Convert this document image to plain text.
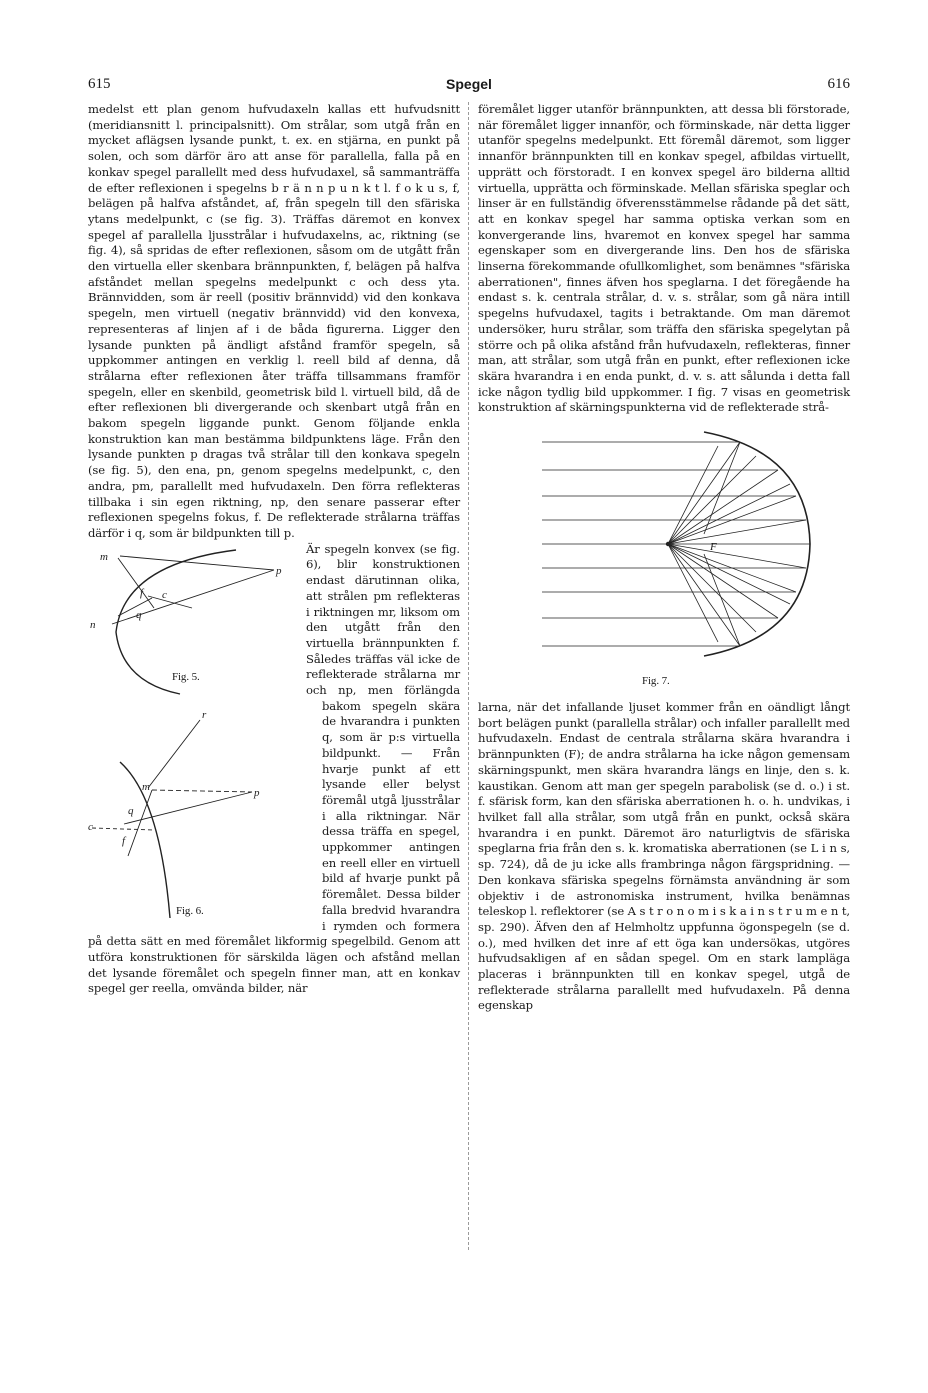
615	Spegel	616

medelst ett plan genom hufvudaxeln kallas ett hufvudsnitt (meridiansnitt l. principalsnitt). Om strålar, som utgå från en mycket aflägsen lysande punkt, t. ex. en stjärna, en punkt på solen, och som därför äro att anse för parallella, falla på en konkav spegel parallellt med dess hufvudaxel, så sammanträffa de efter reflexionen i spegelns b r ä n n p u n k t l. f o k u s, f, belägen på halfva afståndet, af, från spegeln till den sfäriska ytans medelpunkt, c (se fig. 3). Träffas däremot en konvex spegel af parallella ljusstrålar i hufvudaxelns, ac, riktning (se fig. 4), så spridas de efter reflexionen, såsom om de utgått från den virtuella eller skenbara brännpunkten, f, belägen på halfva afståndet mellan spegelns medelpunkt c och dess yta. Brännvidden, som är reell (positiv brännvidd) vid den konkava spegeln, men virtuell (negativ brännvidd) vid den konvexa, representeras af linjen af i de båda figurerna. Ligger den lysande punkten på ändligt afstånd framför spegeln, så uppkommer antingen en verklig l. reell bild af denna, då strålarna efter reflexionen åter träffa tillsammans framför spegeln, eller en skenbild, geometrisk bild l. virtuell bild, då de efter reflexionen bli divergerande och skenbart utgå från en bakom spegeln liggande punkt. Genom följande enkla konstruktion kan man bestämma bildpunktens läge. Från den lysande punkten p dragas två strålar till den konkava spegeln (se fig. 5), den ena, pn, genom spegelns medelpunkt, c, den andra, pm, parallellt med hufvudaxeln. Den förra reflekteras tillbaka i sin egen riktning, np, den senare passerar efter reflexionen spegelns fokus, f. De reflekterade strålarna träffas därför i q, som är bildpunkten till p.

m
p
f c
q
n
Fig. 5.
r
m	p
q
c
f
Fig. 6.

Är spegeln konvex (se fig. 6), blir konstruktionen endast därutinnan olika, att strålen pm reflekteras i riktningen mr, liksom om den utgått från den virtuella brännpunkten f. Således träffas väl icke de reflekterade strålarna mr och np, men förlängda bakom spegeln skära de hvarandra i punkten q, som är p:s virtuella bildpunkt. — Från hvarje punkt af ett lysande eller belyst föremål utgå ljusstrålar i alla riktningar. När dessa träffa en spegel, uppkommer antingen en reell eller en virtuell bild af hvarje punkt på föremålet. Dessa bilder falla bredvid hvarandra i rymden och formera på detta sätt en med föremålet likformig spegelbild. Genom att utföra konstruktionen för särskilda lägen och afstånd mellan det lysande föremålet och spegeln finner man, att en konkav spegel ger reella, omvända bilder, när

föremålet ligger utanför brännpunkten, att dessa bli förstorade, när föremålet ligger innanför, och förminskade, när detta ligger utanför spegelns medelpunkt. Ett föremål däremot, som ligger innanför brännpunkten till en konkav spegel, afbildas virtuellt, upprätt och förstoradt. I en konvex spegel äro bilderna alltid virtuella, upprätta och förminskade. Mellan sfäriska speglar och linser är en fullständig öfverensstämmelse rådande på det sätt, att en konkav spegel har samma optiska verkan som en konvergerande lins, hvaremot en konvex spegel har samma egenskaper som en divergerande lins. Den hos de sfäriska linserna förekommande ofullkomlighet, som benämnes "sfäriska aberrationen", finnes äfven hos speglarna. I det föregående ha endast s. k. centrala strålar, d. v. s. strålar, som gå nära intill spegelns hufvudaxel, tagits i betraktande. Om man däremot undersöker, huru strålar, som träffa den sfäriska spegelytan på större och på olika afstånd från hufvudaxeln, reflekteras, finner man, att strålar, som utgå från en punkt, efter reflexionen icke skära hvarandra i en enda punkt, d. v. s. att sålunda i detta fall icke någon tydlig bild uppkommer. I fig. 7 visas en geometrisk konstruktion af skärningspunkterna vid de reflekterade strå-

F
Fig. 7.

larna, när det infallande ljuset kommer från en oändligt långt bort belägen punkt (parallella strålar) och infaller parallellt med hufvudaxeln. Endast de centrala strålarna skära hvarandra i brännpunkten (F); de andra strålarna ha icke någon gemensam skärningspunkt, men skära hvarandra längs en linje, den s. k. kaustikan. Genom att man ger spegeln parabolisk (se d. o.) i st. f. sfärisk form, kan den sfäriska aberrationen h. o. h. undvikas, i hvilket fall alla strålar, som utgå från en punkt, också skära hvarandra i en punkt. Däremot äro naturligtvis de sfäriska speglarna fria från den s. k. kromatiska aberrationen (se L i n s, sp. 724), då de ju icke alls frambringa någon färgspridning. — Den konkava sfäriska spegelns förnämsta användning är som objektiv i de astronomiska instrument, hvilka benämnas teleskop l. reflektorer (se A s t r o n o m i s k a i n s t r u m e n t, sp. 290). Äfven den af Helmholtz uppfunna ögonspegeln (se d. o.), med hvilken det inre af ett öga kan undersökas, utgöres hufvudsakligen af en sådan spegel. Om en stark lampläga placeras i brännpunkten till en konkav spegel, utgå de reflekterade strålarna parallellt med hufvudaxeln. På denna egenskap
